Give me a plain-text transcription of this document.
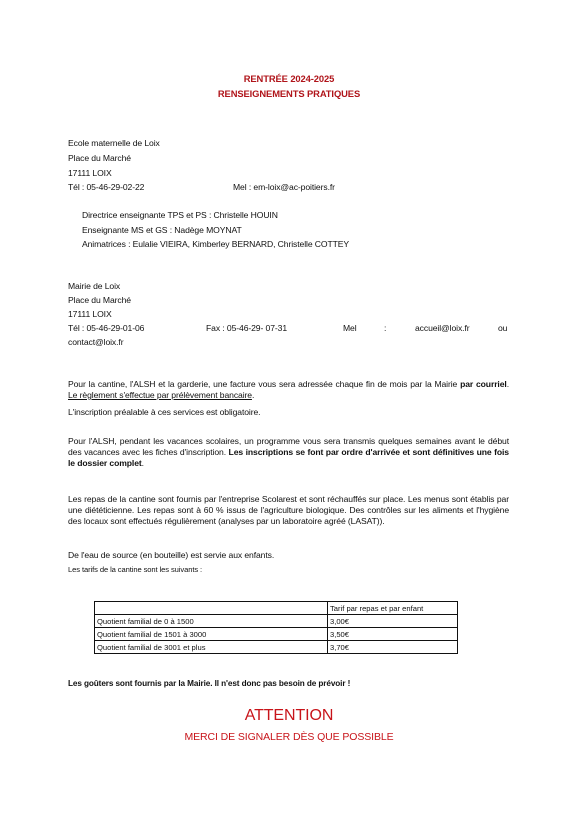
RENTRÉE 2024-2025
RENSEIGNEMENTS PRATIQUES
Ecole maternelle de Loix
Place du Marché
17111 LOIX
Tél : 05-46-29-02-22	Mel : em-loix@ac-poitiers.fr
Directrice enseignante TPS et PS : Christelle HOUIN
Enseignante MS et GS : Nadège MOYNAT
Animatrices : Eulalie VIEIRA, Kimberley BERNARD, Christelle COTTEY
Mairie de Loix
Place du Marché
17111 LOIX
Tél : 05-46-29-01-06	Fax : 05-46-29- 07-31	Mel	:	accueil@loix.fr	ou
contact@loix.fr
Pour la cantine, l'ALSH et la garderie, une facture vous sera adressée chaque fin de mois par la Mairie par courriel. Le règlement s'effectue par prélèvement bancaire.
L'inscription préalable à ces services est obligatoire.
Pour l'ALSH, pendant les vacances scolaires, un programme vous sera transmis quelques semaines avant le début des vacances avec les fiches d'inscription. Les inscriptions se font par ordre d'arrivée et sont définitives une fois le dossier complet.
Les repas de la cantine sont fournis par l'entreprise Scolarest et sont réchauffés sur place. Les menus sont établis par une diététicienne. Les repas sont à 60 % issus de l'agriculture biologique. Des contrôles sur les aliments et l'hygiène des locaux sont effectués régulièrement (analyses par un laboratoire agréé (LASAT)).
De l'eau de source (en bouteille) est servie aux enfants.
Les tarifs de la cantine sont les suivants :
	Tarif par repas et par enfant
Quotient familial de 0 à 1500	3,00€
Quotient familial de 1501 à 3000	3,50€
Quotient familial de 3001 et plus	3,70€
Les goûters sont fournis par la Mairie. Il n'est donc pas besoin de prévoir !
ATTENTION
MERCI DE SIGNALER DÈS QUE POSSIBLE
